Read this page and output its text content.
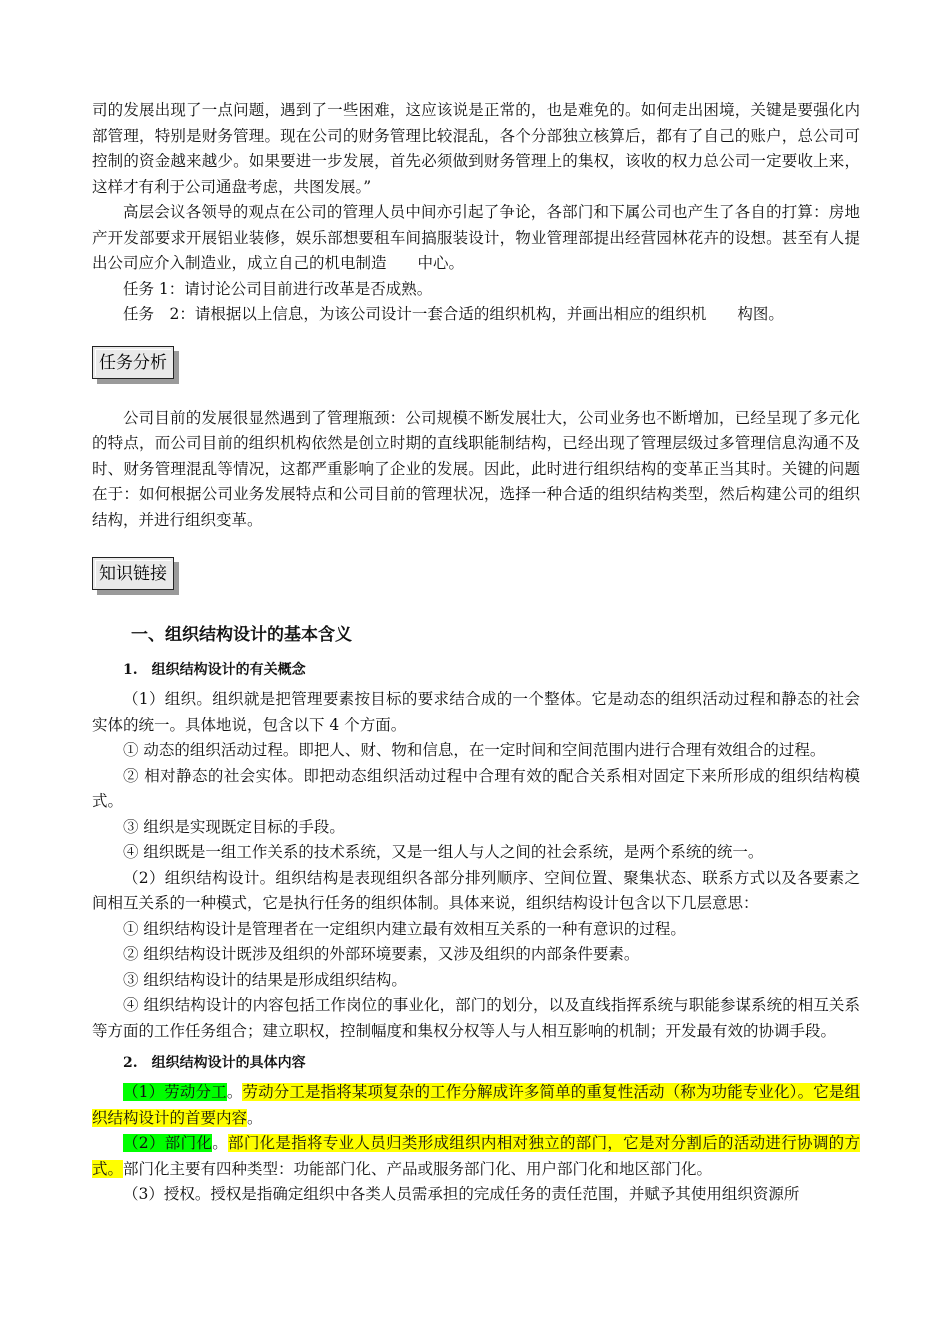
司的发展出现了一点问题，遇到了一些困难，这应该说是正常的，也是难免的。如何走出困境，关键是要强化内部管理，特别是财务管理。现在公司的财务管理比较混乱，各个分部独立核算后，都有了自己的账户，总公司可控制的资金越来越少。如果要进一步发展，首先必须做到财务管理上的集权，该收的权力总公司一定要收上来，这样才有利于公司通盘考虑，共图发展。”

高层会议各领导的观点在公司的管理人员中间亦引起了争论，各部门和下属公司也产生了各自的打算：房地产开发部要求开展铝业装修，娱乐部想要租车间搞服装设计，物业管理部提出经营园林花卉的设想。甚至有人提出公司应介入制造业，成立自己的机电制造　　中心。

任务 1：请讨论公司目前进行改革是否成熟。

任务　2：请根据以上信息，为该公司设计一套合适的组织机构，并画出相应的组织机　　构图。

任务分析

公司目前的发展很显然遇到了管理瓶颈：公司规模不断发展壮大，公司业务也不断增加，已经呈现了多元化的特点，而公司目前的组织机构依然是创立时期的直线职能制结构，已经出现了管理层级过多管理信息沟通不及时、财务管理混乱等情况，这都严重影响了企业的发展。因此，此时进行组织结构的变革正当其时。关键的问题在于：如何根据公司业务发展特点和公司目前的管理状况，选择一种合适的组织结构类型，然后构建公司的组织结构，并进行组织变革。

知识链接
一、组织结构设计的基本含义
1.　组织结构设计的有关概念

（1）组织。组织就是把管理要素按目标的要求结合成的一个整体。它是动态的组织活动过程和静态的社会实体的统一。具体地说，包含以下 4 个方面。

① 动态的组织活动过程。即把人、财、物和信息，在一定时间和空间范围内进行合理有效组合的过程。

② 相对静态的社会实体。即把动态组织活动过程中合理有效的配合关系相对固定下来所形成的组织结构模式。

③ 组织是实现既定目标的手段。

④ 组织既是一组工作关系的技术系统，又是一组人与人之间的社会系统，是两个系统的统一。

（2）组织结构设计。组织结构是表现组织各部分排列顺序、空间位置、聚集状态、联系方式以及各要素之间相互关系的一种模式，它是执行任务的组织体制。具体来说，组织结构设计包含以下几层意思：

① 组织结构设计是管理者在一定组织内建立最有效相互关系的一种有意识的过程。

② 组织结构设计既涉及组织的外部环境要素，又涉及组织的内部条件要素。

③ 组织结构设计的结果是形成组织结构。

④ 组织结构设计的内容包括工作岗位的事业化，部门的划分，以及直线指挥系统与职能参谋系统的相互关系等方面的工作任务组合；建立职权，控制幅度和集权分权等人与人相互影响的机制；开发最有效的协调手段。

2.　组织结构设计的具体内容

（1）劳动分工。劳动分工是指将某项复杂的工作分解成许多简单的重复性活动（称为功能专业化）。它是组织结构设计的首要内容。

（2）部门化。部门化是指将专业人员归类形成组织内相对独立的部门，它是对分割后的活动进行协调的方式。部门化主要有四种类型：功能部门化、产品或服务部门化、用户部门化和地区部门化。

（3）授权。授权是指确定组织中各类人员需承担的完成任务的责任范围，并赋予其使用组织资源所
